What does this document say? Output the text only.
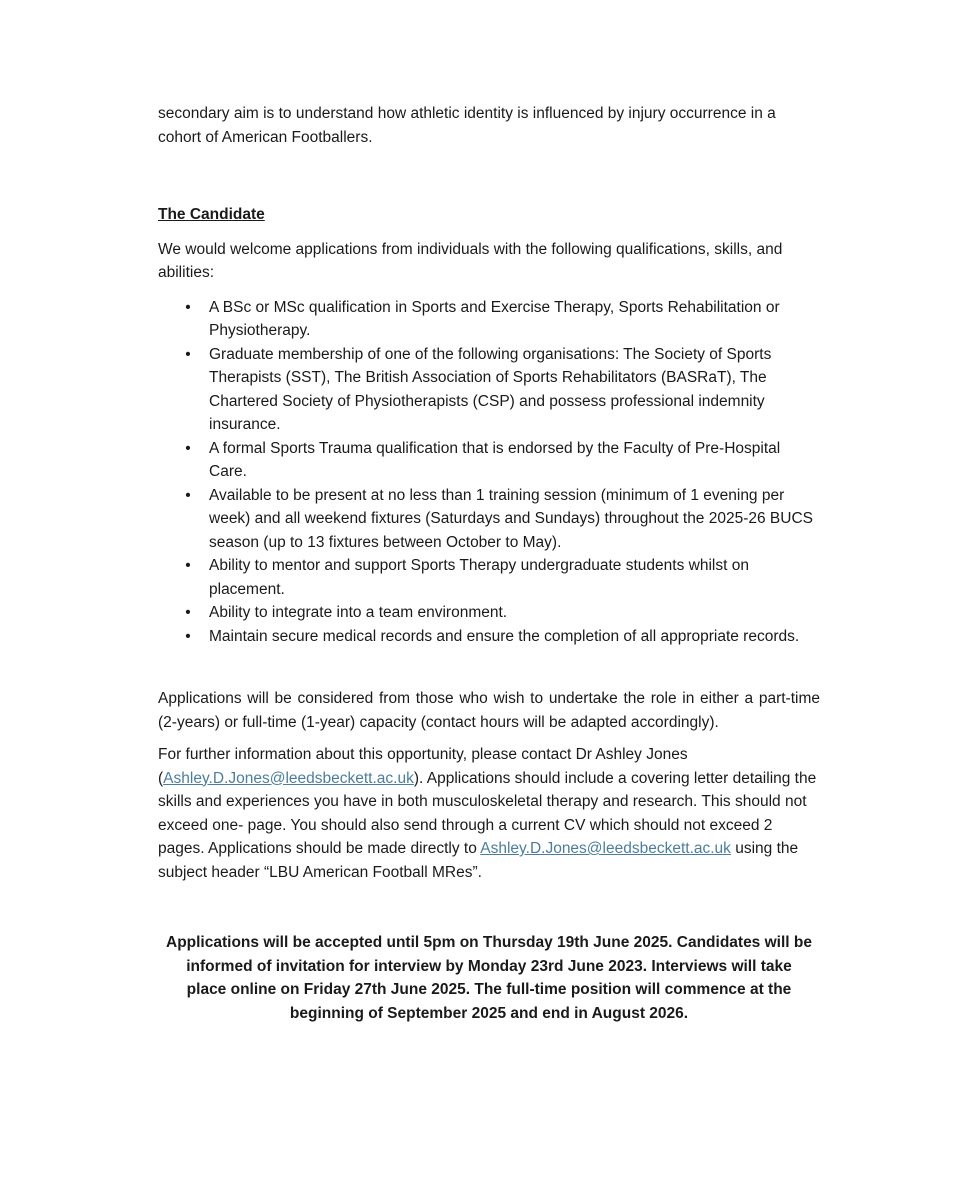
secondary aim is to understand how athletic identity is influenced by injury occurrence in a cohort of American Footballers.

The Candidate

We would welcome applications from individuals with the following qualifications, skills, and abilities:

• A BSc or MSc qualification in Sports and Exercise Therapy, Sports Rehabilitation or Physiotherapy.
• Graduate membership of one of the following organisations: The Society of Sports Therapists (SST), The British Association of Sports Rehabilitators (BASRaT), The Chartered Society of Physiotherapists (CSP) and possess professional indemnity insurance.
• A formal Sports Trauma qualification that is endorsed by the Faculty of Pre-Hospital Care.
• Available to be present at no less than 1 training session (minimum of 1 evening per week) and all weekend fixtures (Saturdays and Sundays) throughout the 2025-26 BUCS season (up to 13 fixtures between October to May).
• Ability to mentor and support Sports Therapy undergraduate students whilst on placement.
• Ability to integrate into a team environment.
• Maintain secure medical records and ensure the completion of all appropriate records.

Applications will be considered from those who wish to undertake the role in either a part-time (2-years) or full-time (1-year) capacity (contact hours will be adapted accordingly).

For further information about this opportunity, please contact Dr Ashley Jones (Ashley.D.Jones@leedsbeckett.ac.uk). Applications should include a covering letter detailing the skills and experiences you have in both musculoskeletal therapy and research. This should not exceed one- page. You should also send through a current CV which should not exceed 2 pages. Applications should be made directly to Ashley.D.Jones@leedsbeckett.ac.uk using the subject header “LBU American Football MRes”.

Applications will be accepted until 5pm on Thursday 19th June 2025. Candidates will be informed of invitation for interview by Monday 23rd June 2023. Interviews will take place online on Friday 27th June 2025. The full-time position will commence at the beginning of September 2025 and end in August 2026.
